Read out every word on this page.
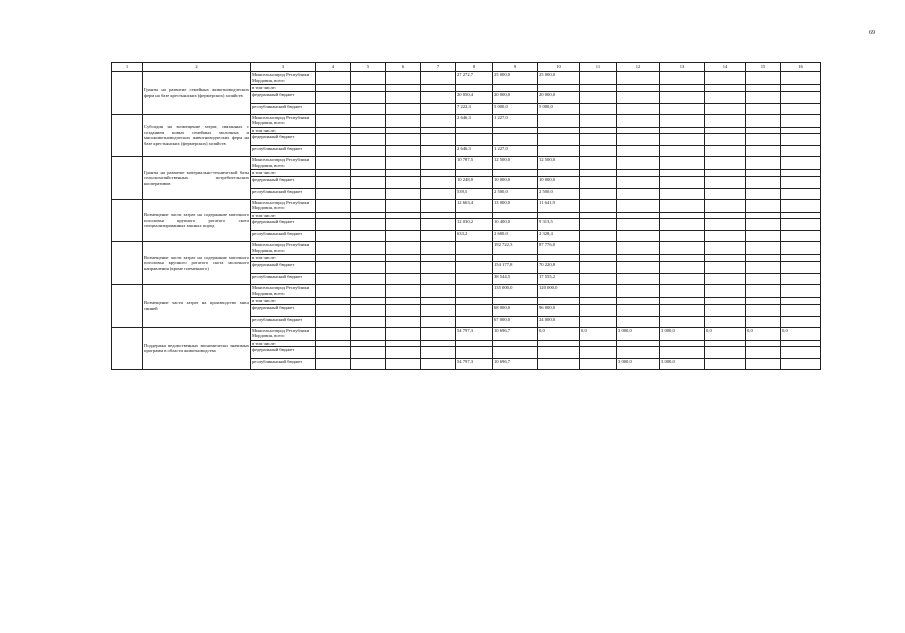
69
1	2	3	4	5	6	7	8	9	10	11	12	13	14	15	16
	Гранты на развитие семейных животноводческих ферм на базе крестьянских (фермерских) хозяйств	Минсельхозпрод Республики Мордовия, всего					27 272,7	25 000,0	25 000,0						
		в том числе:													
		федеральный бюджет					20 050,4	20 000,0	20 000,0						
		республиканский бюджет					7 222,3	5 000,0	5 000,0						
	Субсидия на возмещение затрат, связанных с созданием новых семейных молочных и мясоживотноводческих животноводческих ферм на базе крестьянских (фермерских) хозяйств	Минсельхозпрод Республики Мордовия, всего					2 646,3	1 227,0							
		в том числе:													
		федеральный бюджет													
		республиканский бюджет					2 646,3	1 227,0							
	Гранты на развитие материально-технической базы сельскохозяйственных потребительских кооперативов	Минсельхозпрод Республики Мордовия, всего					10 787,5	12 500,0	12 500,0						
		в том числе:													
		федеральный бюджет					10 248,0	10 000,0	10 000,0						
		республиканский бюджет					539,5	2 500,0	2 500,0						
	Возмещение части затрат на содержание маточного поголовья крупного рогатого скота специализированных мясных пород	Минсельхозпрод Республики Мордовия, всего					12 663,4	13 000,0	11 641,9						
		в том числе:													
		федеральный бюджет					12 030,2	10 400,0	9 313,5						
		республиканский бюджет					633,2	2 600,0	2 328,4						
	Возмещение части затрат на содержание маточного поголовья крупного рогатого скота молочного направления (кроме племенного)	Минсельхозпрод Республики Мордовия, всего						192 722,3	87 776,0						
		в том числе:													
		федеральный бюджет						154 177,8	70 220,8						
		республиканский бюджет						38 544,5	17 555,2						
	Возмещение части затрат на производство мяса свиней	Минсельхозпрод Республики Мордовия, всего						135 000,0	120 000,0						
		в том числе:													
		федеральный бюджет						68 000,0	96 000,0						
		республиканский бюджет						67 000,0	24 000,0						
	Поддержка ведомственных экономически значимых программ в области животноводства	Минсельхозпрод Республики Мордовия, всего					54 797,3	10 696,7	0,0	0,0	3 000,0	3 000,0	0,0	0,0	0,0
		в том числе:													
		федеральный бюджет													
		республиканский бюджет					54 797,3	10 696,7			3 000,0	3 000,0			
